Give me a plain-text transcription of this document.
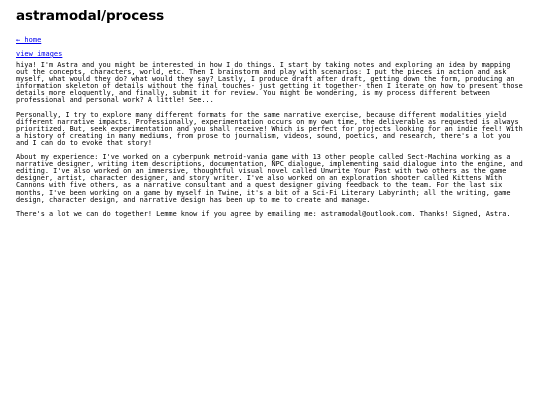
astramodal/process
← home
view images

hiya! I'm Astra and you might be interested in how I do things. I start by taking notes and exploring an idea by mapping out the concepts, characters, world, etc. Then I brainstorm and play with scenarios: I put the pieces in action and ask myself, what would they do? what would they say? Lastly, I produce draft after draft, getting down the form, producing an information skeleton of details without the final touches- just getting it together- then I iterate on how to present those details more eloquently, and finally, submit it for review. You might be wondering, is my process different between professional and personal work? A little! See...

Personally, I try to explore many different formats for the same narrative exercise, because different modalities yield different narrative impacts. Professionally, experimentation occurs on my own time, the deliverable as requested is always prioritized. But, seek experimentation and you shall receive! Which is perfect for projects looking for an indie feel! With a history of creating in many mediums, from prose to journalism, videos, sound, poetics, and research, there's a lot you and I can do to evoke that story!

About my experience: I've worked on a cyberpunk metroid-vania game with 13 other people called Sect-Machina working as a narrative designer, writing item descriptions, documentation, NPC dialogue, implementing said dialogue into the engine, and editing. I've also worked on an immersive, thoughtful visual novel called Unwrite Your Past with two others as the game designer, artist, character designer, and story writer. I've also worked on an exploration shooter called Kittens With Cannons with five others, as a narrative consultant and a quest designer giving feedback to the team. For the last six months, I've been working on a game by myself in Twine, it's a bit of a Sci-Fi Literary Labyrinth; all the writing, game design, character design, and narrative design has been up to me to create and manage.

There's a lot we can do together! Lemme know if you agree by emailing me: astramodal@outlook.com. Thanks! Signed, Astra.
